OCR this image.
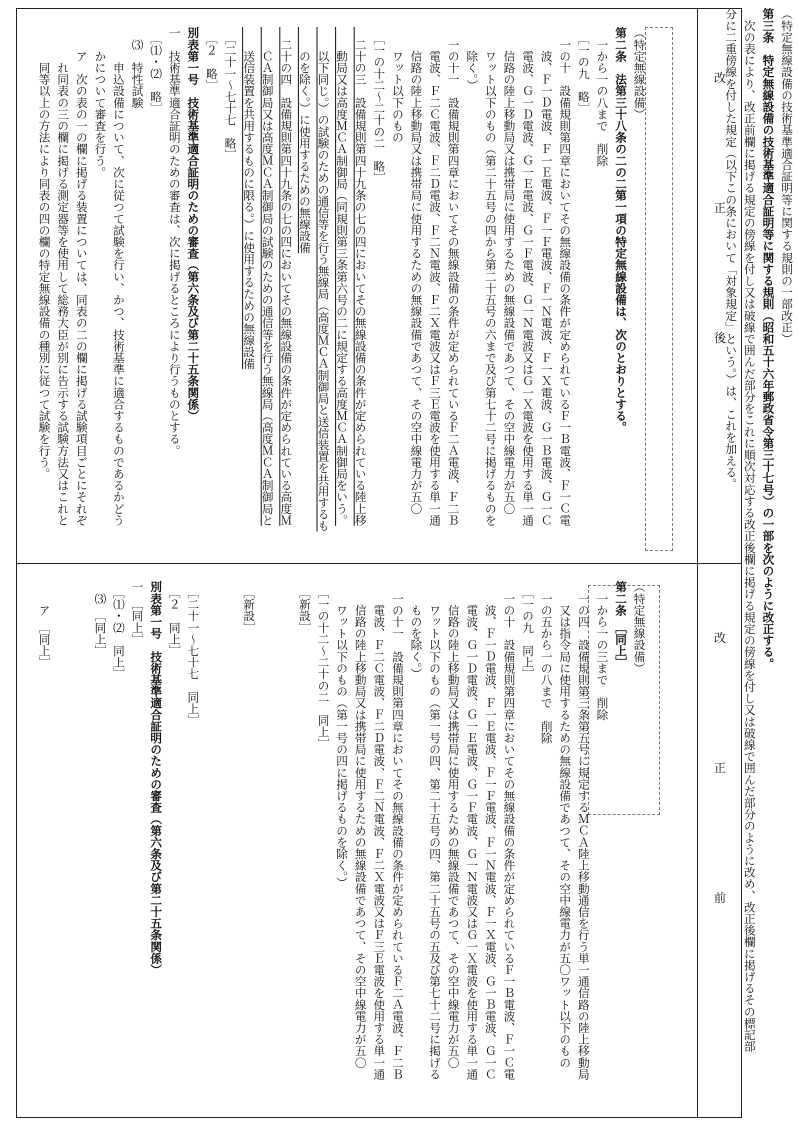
（特定無線設備の技術基準適合証明等に関する規則の一部改正）
第三条　特定無線設備の技術基準適合証明等に関する規則（昭和五十六年郵政省令第三十七号）の一部を次のように改正する。
　次の表により、改正前欄に掲げる規定の傍線を付し又は破線で囲んだ部分をこれに順次対応する改正後欄に掲げる規定の傍線を付し又は破線で囲んだ部分のように改め、改正後欄に掲げるその標記部
分に二重傍線を付した規定（以下この条において「対象規定」という。）は、これを加える。
改
正
後
改
正
前
（特定無線設備）
第二条　法第三十八条の二の二第一項の特定無線設備は、次のとおりとする。
　一から一の八まで　削除
　［一の九　略］
　一の十　設備規則第四章においてその無線設備の条件が定められているＦ一Ｂ電波、Ｆ一Ｃ電
　　波、Ｆ一Ｄ電波、Ｆ一Ｅ電波、Ｆ一Ｆ電波、Ｆ一Ｎ電波、Ｆ一Ｘ電波、Ｇ一Ｂ電波、Ｇ一Ｃ
　　電波、Ｇ一Ｄ電波、Ｇ一Ｅ電波、Ｇ一Ｆ電波、Ｇ一Ｎ電波又はＧ一Ｘ電波を使用する単一通
　　信路の陸上移動局又は携帯局に使用するための無線設備であつて、その空中線電力が五〇
　　ワット以下のもの（第二十五号の四から第二十五号の六まで及び第七十二号に掲げるものを
　　除く。）
　一の十一　設備規則第四章においてその無線設備の条件が定められているＦ二Ａ電波、Ｆ二Ｂ
　　電波、Ｆ二Ｃ電波、Ｆ二Ｄ電波、Ｆ二Ｎ電波、Ｆ二Ｘ電波又はＦ三Ｅ電波を使用する単一通
　　信路の陸上移動局又は携帯局に使用するための無線設備であつて、その空中線電力が五〇
　　ワット以下のもの
　［一の十二～二十の二　略］
　二十の三　設備規則第四十九条の七の四においてその無線設備の条件が定められている陸上移
　　動局又は高度ＭＣＡ制御局（同規則第三条第六号の二に規定する高度ＭＣＡ制御局をいう。
　　以下同じ。）の試験のための通信等を行う無線局（高度ＭＣＡ制御局と送信装置を共用するも
　　のを除く。）に使用するための無線設備
　二十の四　設備規則第四十九条の七の四においてその無線設備の条件が定められている高度Ｍ
　　ＣＡ制御局又は高度ＭＣＡ制御局の試験のための通信等を行う無線局（高度ＭＣＡ制御局と
　　送信装置を共用するものに限る。）に使用するための無線設備
　［二十一～七十七　略］
　［２　略］
別表第一号　技術基準適合証明のための審査（第六条及び第二十五条関係）
一　技術基準適合証明のための審査は、次に掲げるところにより行うものとする。
　［⑴・⑵　略］
　⑶　特性試験
　　　申込設備について、次に従つて試験を行い、かつ、技術基準に適合するものであるかどう
　　かについて審査を行う。
　　ア　次の表の一の欄に掲げる装置については、同表の二の欄に掲げる試験項目ごとにそれぞ
　　　れ同表の三の欄に掲げる測定器等を使用して総務大臣が別に告示する試験方法又はこれと
　　　同等以上の方法により同表の四の欄の特定無線設備の種別に従つて試験を行う。
（特定無線設備）
第二条　［同上］
　一から一の三まで　削除
　一の四　設備規則第三条第五号に規定するＭＣＡ陸上移動通信を行う単一通信路の陸上移動局
　　又は指令局に使用するための無線設備であつて、その空中線電力が五〇ワット以下のもの
　一の五から一の八まで　削除
　［一の九　同上］
　一の十　設備規則第四章においてその無線設備の条件が定められているＦ一Ｂ電波、Ｆ一Ｃ電
　　波、Ｆ一Ｄ電波、Ｆ一Ｅ電波、Ｆ一Ｆ電波、Ｆ一Ｎ電波、Ｆ一Ｘ電波、Ｇ一Ｂ電波、Ｇ一Ｃ
　　電波、Ｇ一Ｄ電波、Ｇ一Ｅ電波、Ｇ一Ｆ電波、Ｇ一Ｎ電波又はＧ一Ｘ電波を使用する単一通
　　信路の陸上移動局又は携帯局に使用するための無線設備であつて、その空中線電力が五〇
　　ワット以下のもの（第一号の四、第二十五号の四、第二十五号の五及び第七十二号に掲げる
　　ものを除く。）
　一の十一　設備規則第四章においてその無線設備の条件が定められているＦ二Ａ電波、Ｆ二Ｂ
　　電波、Ｆ二Ｃ電波、Ｆ二Ｄ電波、Ｆ二Ｎ電波、Ｆ二Ｘ電波又はＦ三Ｅ電波を使用する単一通
　　信路の陸上移動局又は携帯局に使用するための無線設備であつて、その空中線電力が五〇
　　ワット以下のもの（第一号の四に掲げるものを除く。）
　［一の十二～二十の二　同上］
　［新設］

　［新設］

　［二十一～七十七　同上］
　［２　同上］
別表第一号　技術基準適合証明のための審査（第六条及び第二十五条関係）
一　［同上］
　［⑴・⑵　同上］
　⑶　［同上］

　　ア　［同上］
